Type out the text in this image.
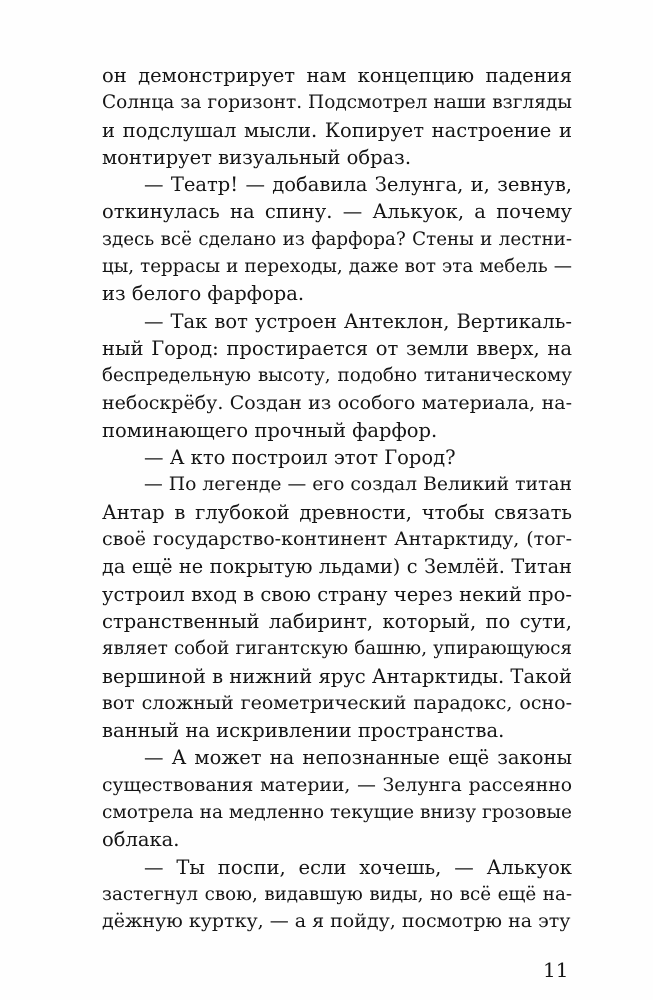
он демонстрирует нам концепцию падения
Солнца за горизонт. Подсмотрел наши взгляды
и подслушал мысли. Копирует настроение и
монтирует визуальный образ.
— Театр! — добавила Зелунга, и, зевнув,
откинулась на спину. — Алькуок, а почему
здесь всё сделано из фарфора? Стены и лестни-
цы, террасы и переходы, даже вот эта мебель —
из белого фарфора.
— Так вот устроен Антеклон, Вертикаль-
ный Город: простирается от земли вверх, на
беспредельную высоту, подобно титаническому
небоскрёбу. Создан из особого материала, на-
поминающего прочный фарфор.
— А кто построил этот Город?
— По легенде — его создал Великий титан
Антар в глубокой древности, чтобы связать
своё государство-континент Антарктиду, (тог-
да ещё не покрытую льдами) с Землёй. Титан
устроил вход в свою страну через некий про-
странственный лабиринт, который, по сути,
являет собой гигантскую башню, упирающуюся
вершиной в нижний ярус Антарктиды. Такой
вот сложный геометрический парадокс, осно-
ванный на искривлении пространства.
— А может на непознанные ещё законы
существования материи, — Зелунга рассеянно
смотрела на медленно текущие внизу грозовые
облака.
— Ты поспи, если хочешь, — Алькуок
застегнул свою, видавшую виды, но всё ещё на-
дёжную куртку, — а я пойду, посмотрю на эту
11
